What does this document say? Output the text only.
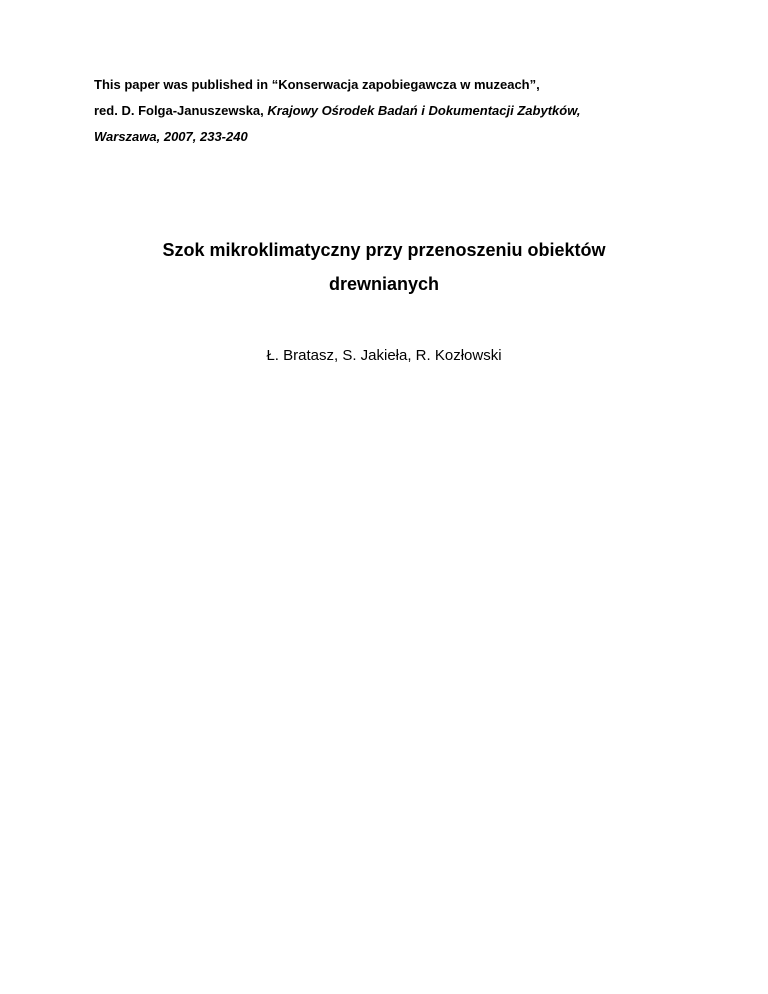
This paper was published in “Konserwacja zapobiegawcza w muzeach”,
red. D. Folga-Januszewska, Krajowy Ośrodek Badań i Dokumentacji Zabytków,
Warszawa, 2007, 233-240
Szok mikroklimatyczny przy przenoszeniu obiektów
drewnianych
Ł. Bratasz, S. Jakieła, R. Kozłowski
